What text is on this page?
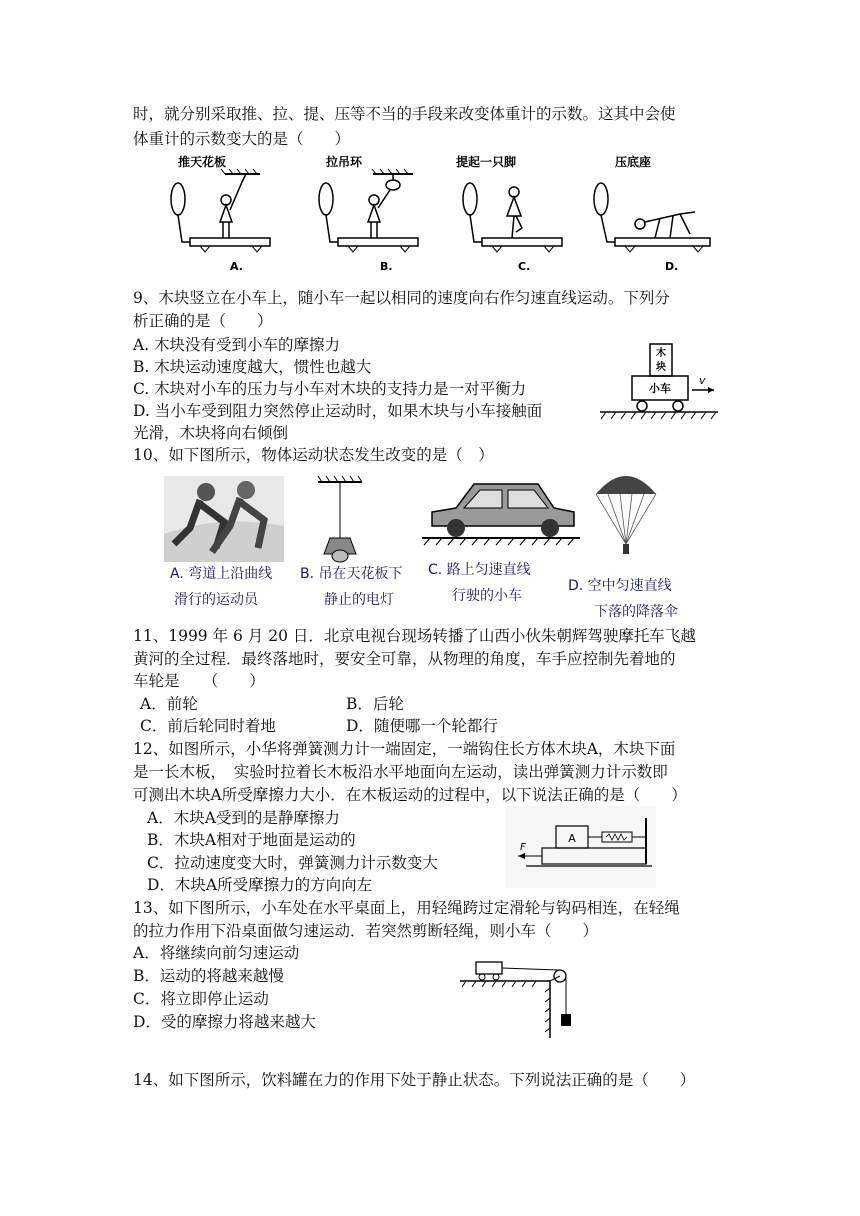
时，就分别采取推、拉、提、压等不当的手段来改变体重计的示数。这其中会使
体重计的示数变大的是（　　）
推天花板
A.
拉吊环
B.
提起一只脚
C.
压底座
D.
9、木块竖立在小车上，随小车一起以相同的速度向右作匀速直线运动。下列分
析正确的是（　　）
A. 木块没有受到小车的摩擦力
B. 木块运动速度越大，惯性也越大
C. 木块对小车的压力与小车对木块的支持力是一对平衡力
D. 当小车受到阻力突然停止运动时，如果木块与小车接触面
光滑，木块将向右倾倒
木
块
木块
小车
v
10、如下图所示，物体运动状态发生改变的是（　）
A. 弯道上沿曲线
滑行的运动员
B. 吊在天花板下
静止的电灯
C. 路上匀速直线
行驶的小车
D. 空中匀速直线
下落的降落伞
11、1999 年 6 月 20 日．北京电视台现场转播了山西小伙朱朝辉驾驶摩托车飞越
黄河的全过程．最终落地时，要安全可靠，从物理的角度，车手应控制先着地的
车轮是　　（　　）
A．前轮	B．后轮
C．前后轮同时着地	D．随便哪一个轮都行
12、如图所示，小华将弹簧测力计一端固定，一端钩住长方体木块A，木块下面
是一长木板，　实验时拉着长木板沿水平地面向左运动，读出弹簧测力计示数即
可测出木块A所受摩擦力大小．在木板运动的过程中，以下说法正确的是（　　）
A．木块A受到的是静摩擦力
B．木块A相对于地面是运动的
C．拉动速度变大时，弹簧测力计示数变大
D．木块A所受摩擦力的方向向左
A
F
13、如下图所示，小车处在水平桌面上，用轻绳跨过定滑轮与钩码相连，在轻绳
的拉力作用下沿桌面做匀速运动．若突然剪断轻绳，则小车（　　）
A．将继续向前匀速运动
B．运动的将越来越慢
C．将立即停止运动
D．受的摩擦力将越来越大
14、如下图所示，饮料罐在力的作用下处于静止状态。下列说法正确的是（　　）
